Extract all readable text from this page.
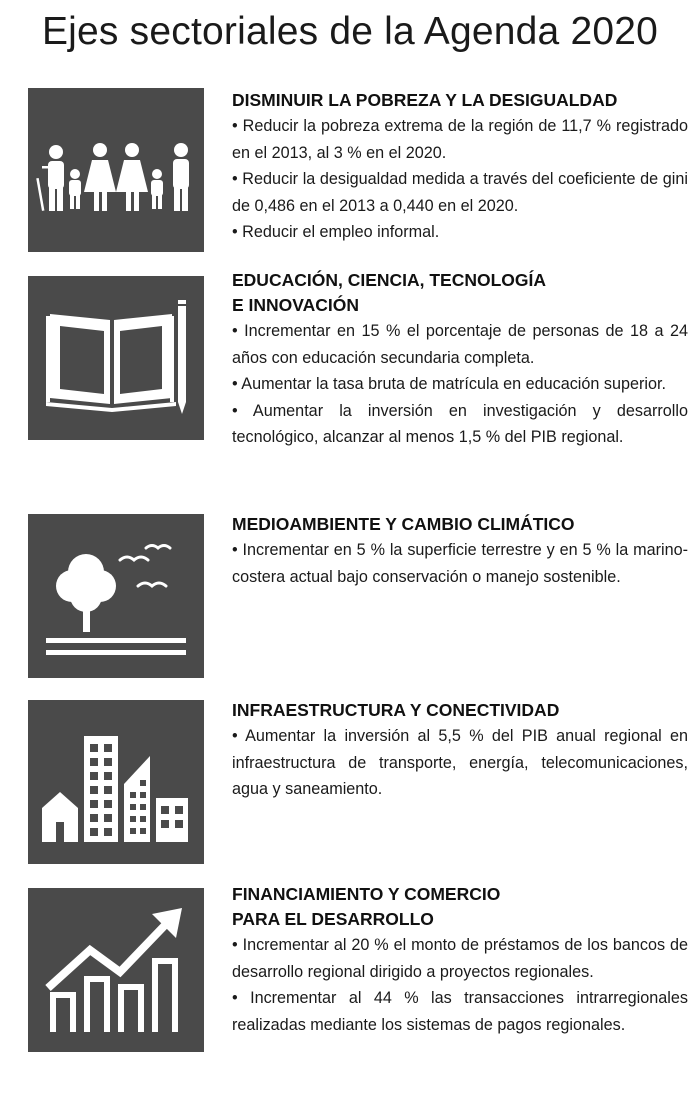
Ejes sectoriales de la Agenda 2020
DISMINUIR LA POBREZA Y LA DESIGUALDAD

• Reducir la pobreza extrema de la región de 11,7 % registrado en el 2013, al 3 % en el 2020.

• Reducir la desigualdad medida a través del coeficiente de gini de 0,486 en el 2013 a 0,440 en el 2020.

• Reducir el empleo informal.

EDUCACIÓN, CIENCIA, TECNOLOGÍA
E INNOVACIÓN

• Incrementar en 15 % el porcentaje de personas de 18 a 24 años con educación secundaria completa.

• Aumentar la tasa bruta de matrícula en educación superior.

• Aumentar la inversión en investigación y desarrollo tecnológico, alcanzar al menos 1,5 % del PIB regional.

MEDIOAMBIENTE Y CAMBIO CLIMÁTICO

• Incrementar en 5 % la superficie terrestre y en 5 % la marino-costera actual bajo conservación o manejo sostenible.

INFRAESTRUCTURA Y CONECTIVIDAD

• Aumentar la inversión al 5,5 % del PIB anual regional en infraestructura de transporte, energía, telecomunicaciones, agua y saneamiento.

FINANCIAMIENTO Y COMERCIO
PARA EL DESARROLLO

• Incrementar al 20 % el monto de préstamos de los bancos de desarrollo regional dirigido a proyectos regionales.

• Incrementar al 44 % las transacciones intrarregionales realizadas mediante los sistemas de pagos regionales.
